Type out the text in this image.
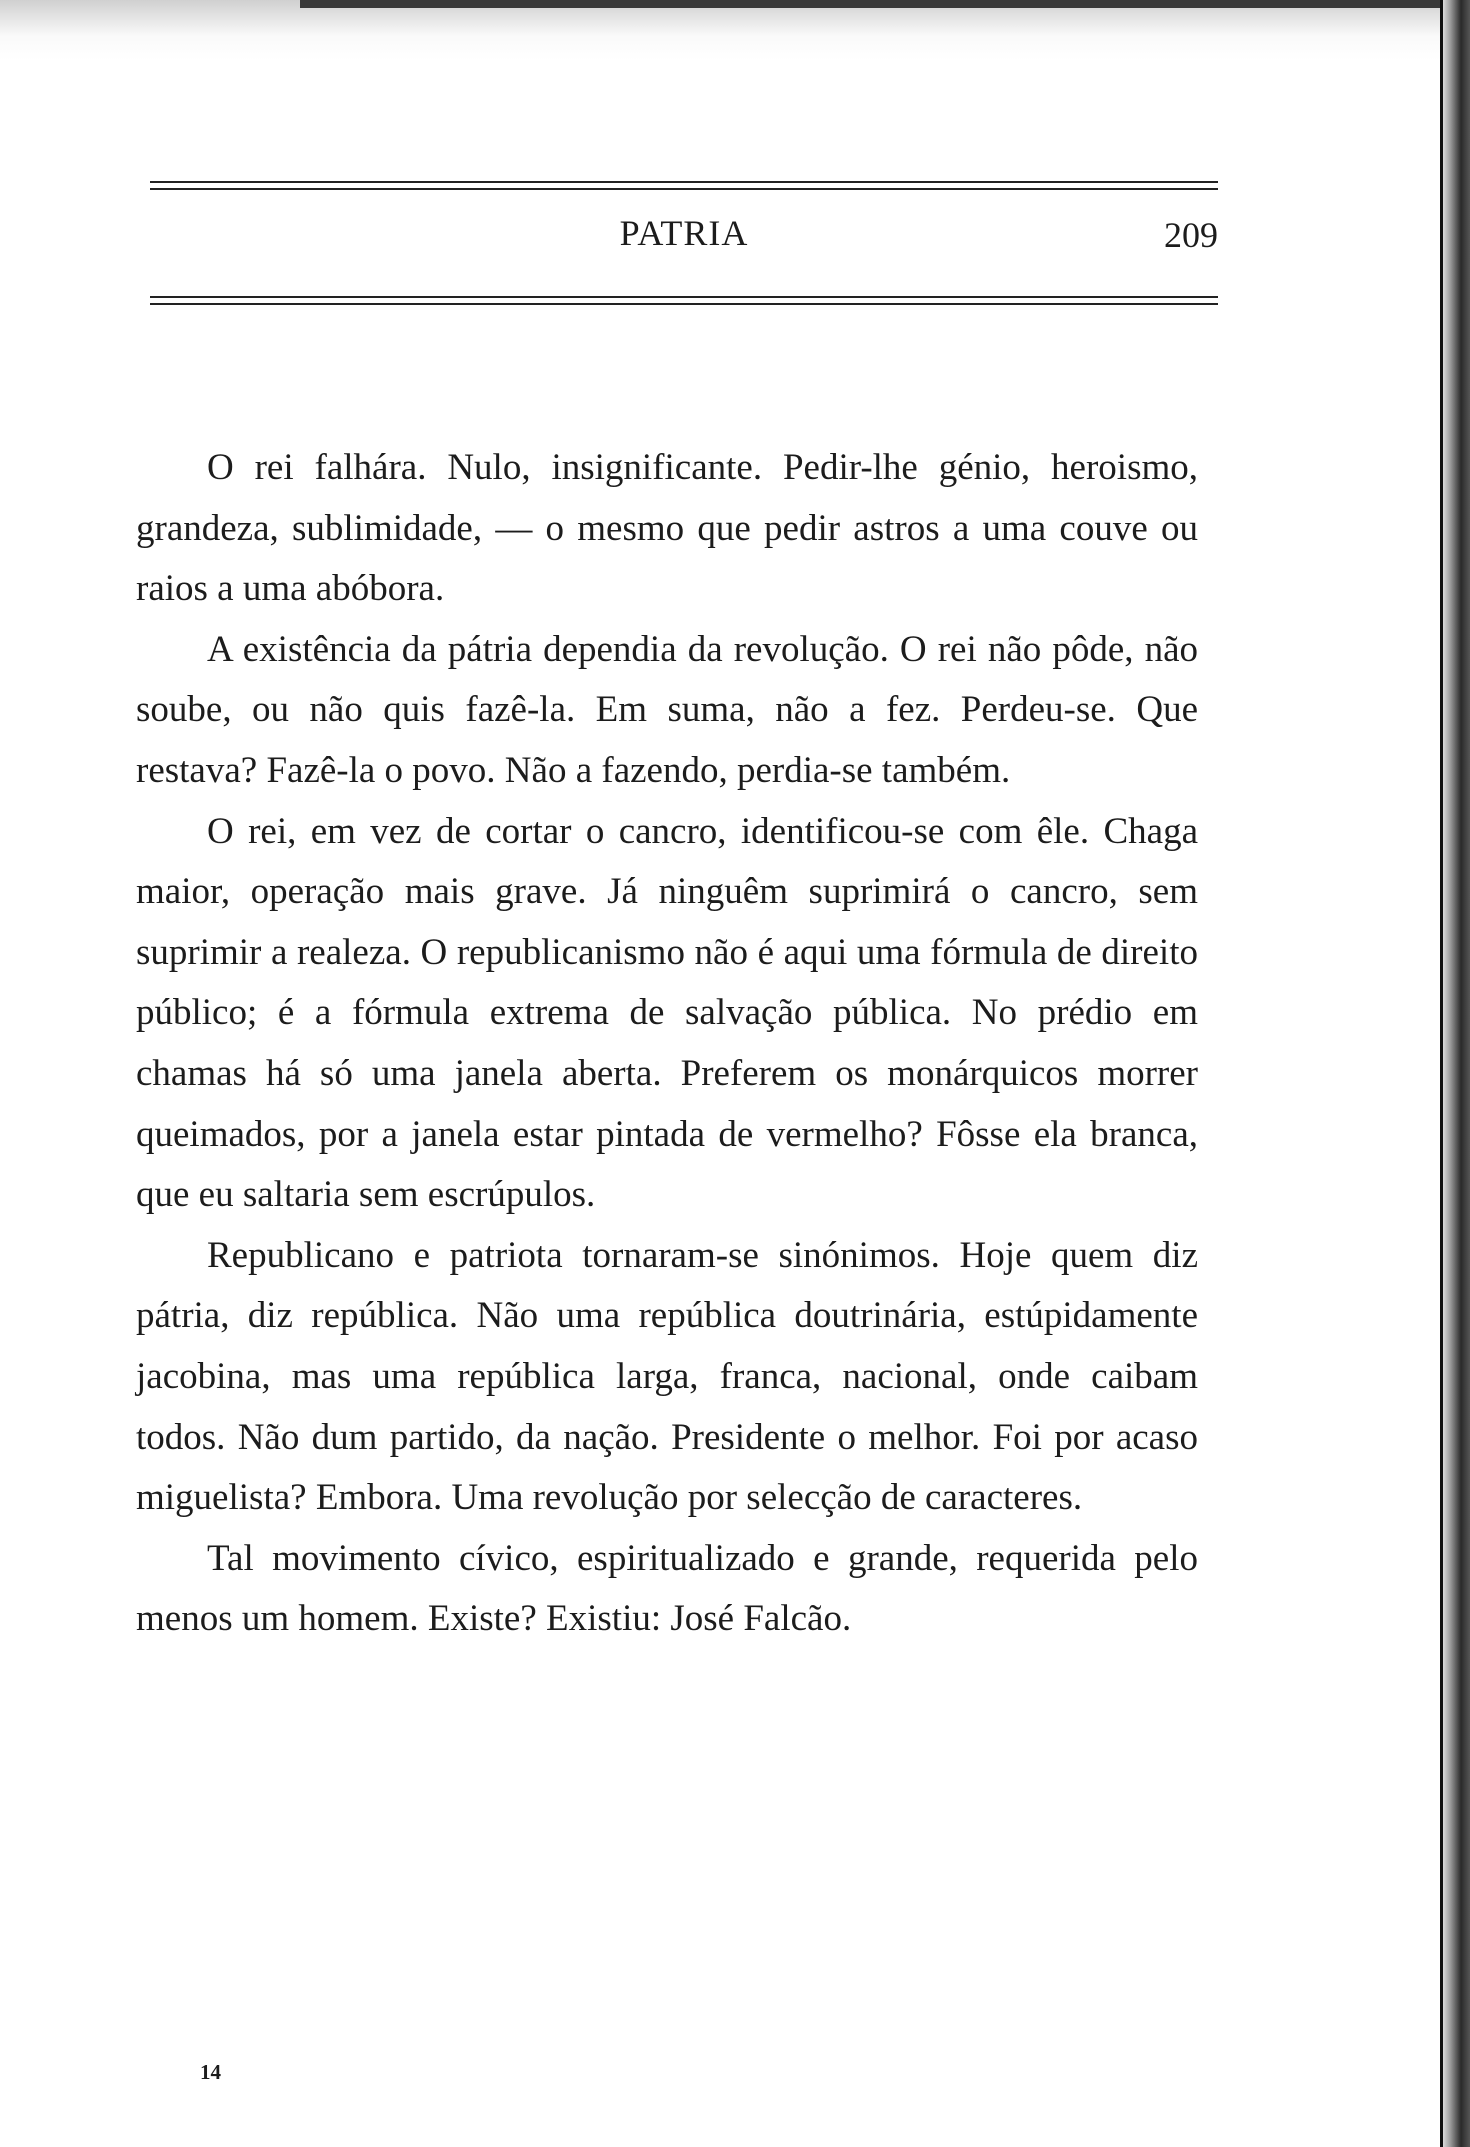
PATRIA	209

O rei falhára. Nulo, insignificante. Pedir-lhe génio, heroismo, grandeza, sublimidade, — o mesmo que pedir astros a uma couve ou raios a uma abóbora.

A existência da pátria dependia da revolução. O rei não pôde, não soube, ou não quis fazê-la. Em suma, não a fez. Perdeu-se. Que restava? Fazê-la o povo. Não a fazendo, perdia-se também.

O rei, em vez de cortar o cancro, identificou-se com êle. Chaga maior, operação mais grave. Já ninguêm suprimirá o cancro, sem suprimir a realeza. O republicanismo não é aqui uma fórmula de direito público; é a fórmula extrema de salvação pública. No prédio em chamas há só uma janela aberta. Preferem os monárquicos morrer queimados, por a janela estar pintada de vermelho? Fôsse ela branca, que eu saltaria sem escrúpulos.

Republicano e patriota tornaram-se sinónimos. Hoje quem diz pátria, diz república. Não uma república doutrinária, estúpidamente jacobina, mas uma república larga, franca, nacional, onde caibam todos. Não dum partido, da nação. Presidente o melhor. Foi por acaso miguelista? Embora. Uma revolução por selecção de caracteres.

Tal movimento cívico, espiritualizado e grande, requerida pelo menos um homem. Existe? Existiu: José Falcão.

14
